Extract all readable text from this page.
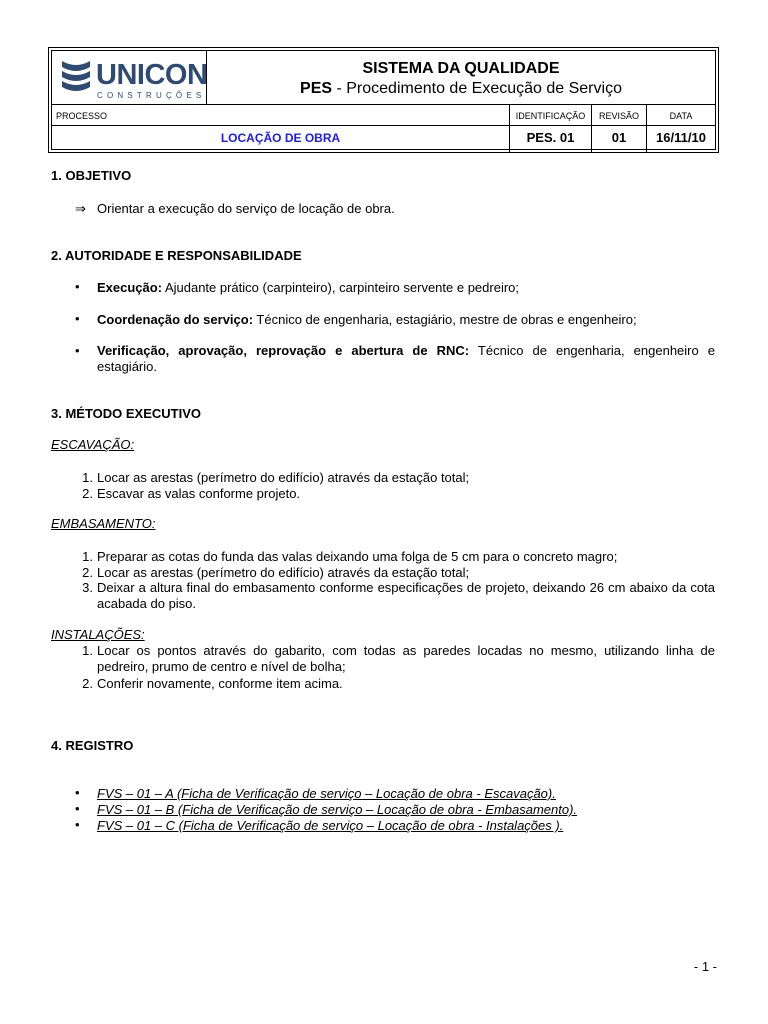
UNICON
CONSTRUÇÕES
SISTEMA DA QUALIDADE
PES - Procedimento de Execução de Serviço
PROCESSO
LOCAÇÃO DE OBRA
IDENTIFICAÇÃO
PES. 01
REVISÃO
01
DATA
16/11/10
1. OBJETIVO
⇒ Orientar a execução do serviço de locação de obra.
2. AUTORIDADE E RESPONSABILIDADE
• Execução: Ajudante prático (carpinteiro), carpinteiro servente e pedreiro;
• Coordenação do serviço: Técnico de engenharia, estagiário, mestre de obras e engenheiro;
• Verificação, aprovação, reprovação e abertura de RNC: Técnico de engenharia, engenheiro e estagiário.
3. MÉTODO EXECUTIVO
ESCAVAÇÃO:
1. Locar as arestas (perímetro do edifício) através da estação total;
2. Escavar as valas conforme projeto.
EMBASAMENTO:
1. Preparar as cotas do funda das valas deixando uma folga de 5 cm para o concreto magro;
2. Locar as arestas (perímetro do edifício) através da estação total;
3. Deixar a altura final do embasamento conforme especificações de projeto, deixando 26 cm abaixo da cota acabada do piso.
INSTALAÇÕES:
1. Locar os pontos através do gabarito, com todas as paredes locadas no mesmo, utilizando linha de pedreiro, prumo de centro e nível de bolha;
2. Conferir novamente, conforme item acima.
4. REGISTRO
• FVS – 01 – A (Ficha de Verificação de serviço – Locação de obra - Escavação).
• FVS – 01 – B (Ficha de Verificação de serviço – Locação de obra - Embasamento).
• FVS – 01 – C (Ficha de Verificação de serviço – Locação de obra - Instalações ).
- 1 -
